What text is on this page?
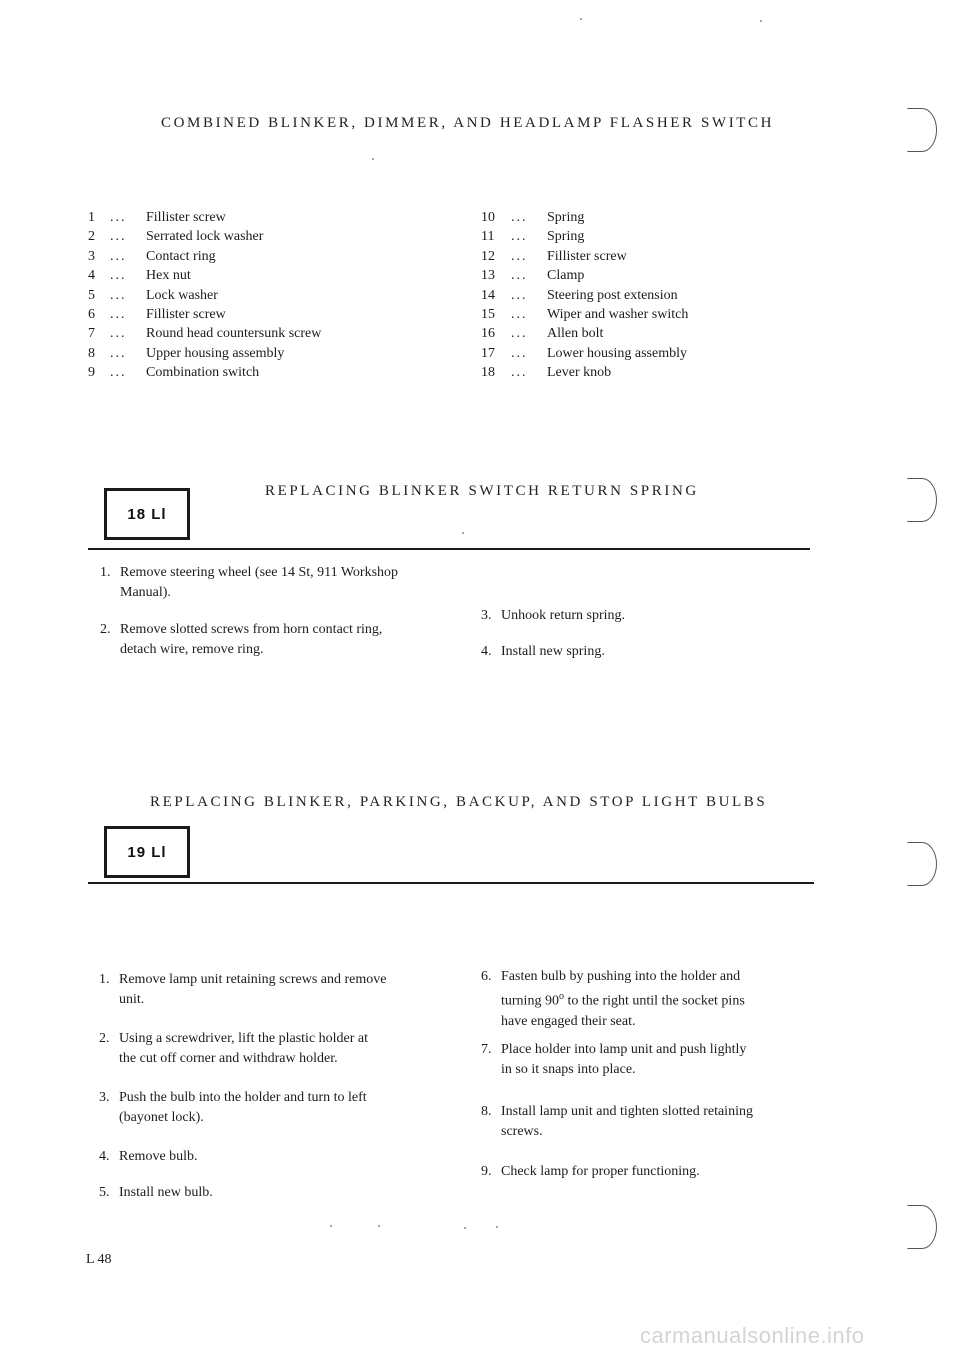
COMBINED BLINKER, DIMMER, AND HEADLAMP FLASHER SWITCH
1	...	Fillister screw
2	...	Serrated lock washer
3	...	Contact ring
4	...	Hex nut
5	...	Lock washer
6	...	Fillister screw
7	...	Round head countersunk screw
8	...	Upper housing assembly
9	...	Combination switch
10	...	Spring
11	...	Spring
12	...	Fillister screw
13	...	Clamp
14	...	Steering post extension
15	...	Wiper and washer switch
16	...	Allen bolt
17	...	Lower housing assembly
18	...	Lever knob
18 Ll
REPLACING BLINKER SWITCH RETURN SPRING
1. Remove steering wheel (see 14 St, 911 Workshop
Manual).
2. Remove slotted screws from horn contact ring,
detach wire, remove ring.
3. Unhook return spring.
4. Install new spring.
REPLACING BLINKER, PARKING, BACKUP, AND STOP LIGHT BULBS
19 Ll
1. Remove lamp unit retaining screws and remove
unit.
2. Using a screwdriver, lift the plastic holder at
the cut off corner and withdraw holder.
3. Push the bulb into the holder and turn to left
(bayonet lock).
4. Remove bulb.
5. Install new bulb.
6. Fasten bulb by pushing into the holder and
turning 90$^o$ to the right until the socket pins
have engaged their seat.
7. Place holder into lamp unit and push lightly
in so it snaps into place.
8. Install lamp unit and tighten slotted retaining
screws.
9. Check lamp for proper functioning.
L 48
carmanualsonline.info
